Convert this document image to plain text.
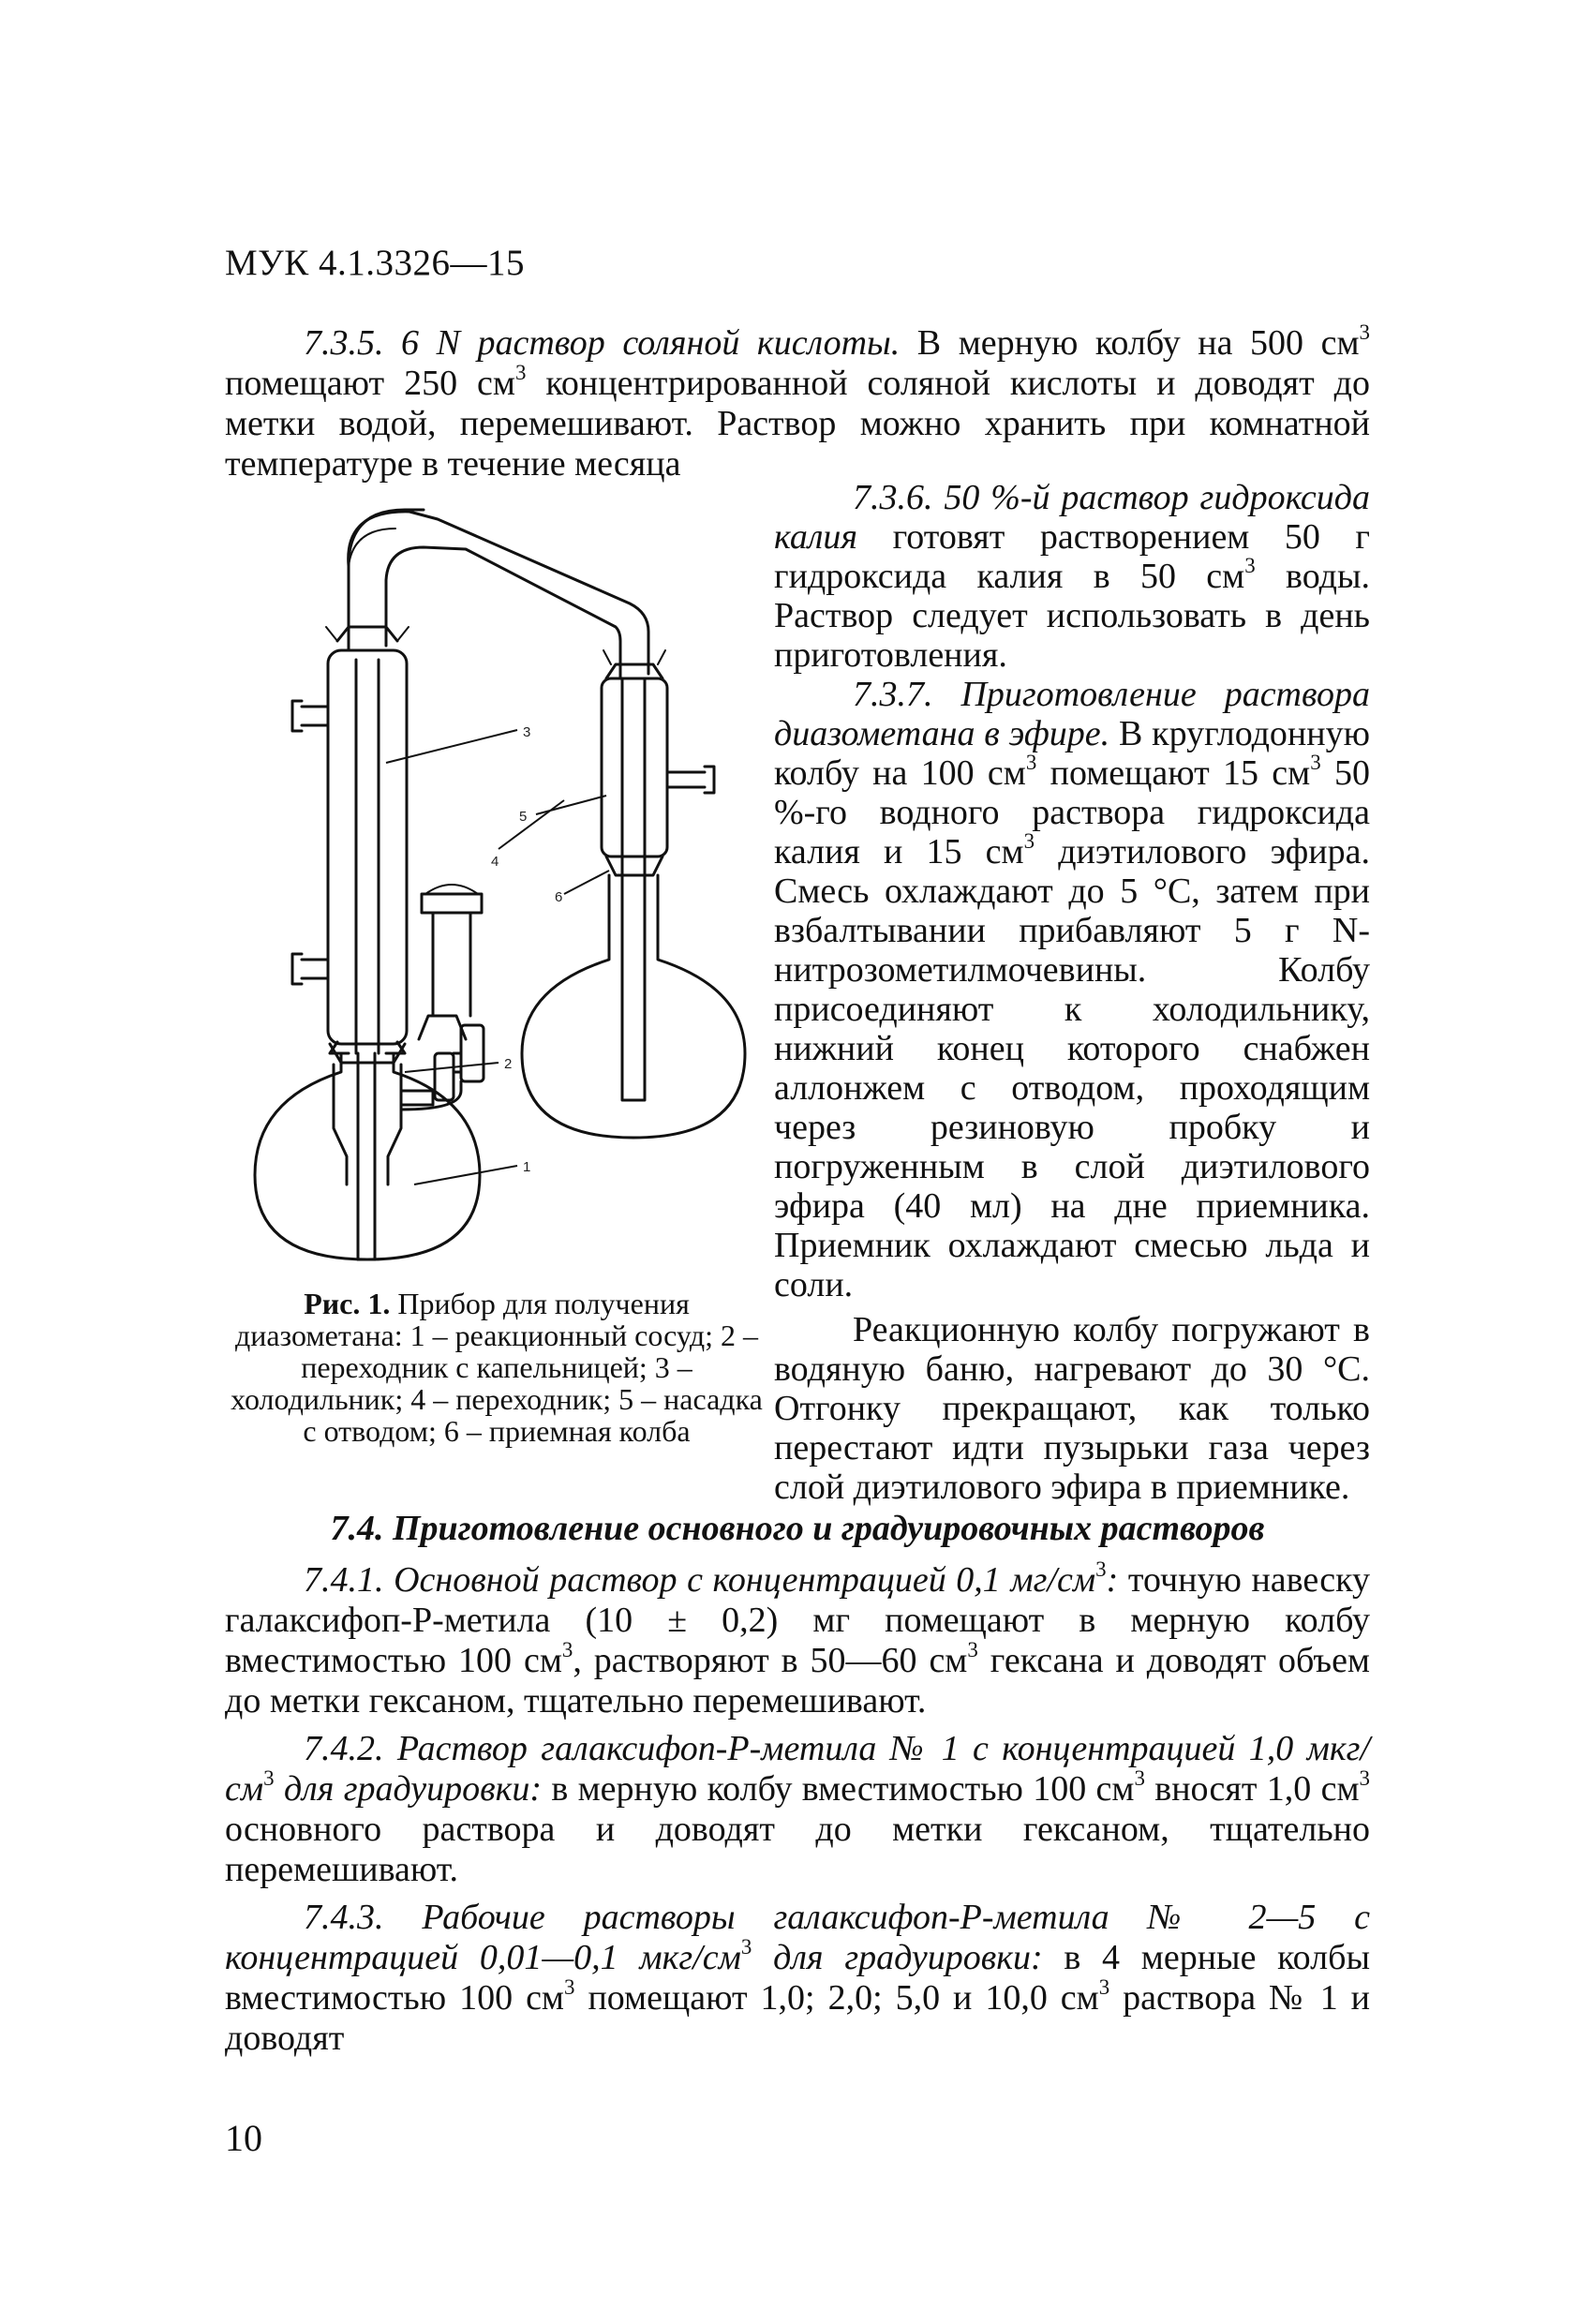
МУК 4.1.3326—15

7.3.5. 6 N раствор соляной кислоты. В мерную колбу на 500 $см^3$ помещают 250 $см^3$ концентрированной соляной кислоты и доводят до метки водой, перемешивают. Раствор можно хранить при комнатной температуре в течение месяца

4
3
5
6
2
1
Рис. 1. Прибор для получения диазометана: 1 – реакционный сосуд; 2 – переходник с капельницей; 3 – холодильник; 4 – переходник; 5 – насадка с отводом; 6 – приемная колба

7.3.6. 50 %-й раствор гидроксида калия готовят растворением 50 г гидроксида калия в 50 $см^3$ воды. Раствор следует использовать в день приготовления.

7.3.7. Приготовление раствора диазометана в эфире. В круглодонную колбу на 100 $см^3$ помещают 15 $см^3$ 50 %-го водного раствора гидроксида калия и 15 $см^3$ диэтилового эфира. Смесь охлаждают до 5 °С, затем при взбалтывании прибавляют 5 г N-нитрозометилмочевины. Колбу присоединяют к холодильнику, нижний конец которого снабжен аллонжем с отводом, проходящим через резиновую пробку и погруженным в слой диэтилового эфира (40 мл) на дне приемника. Приемник охлаждают смесью льда и соли.

Реакционную колбу погружают в водяную баню, нагревают до 30 °С. Отгонку прекращают, как только перестают идти пузырьки газа через слой диэтилового эфира в приемнике.

7.4. Приготовление основного и градуировочных растворов

7.4.1. Основной раствор с концентрацией 0,1 $мг/см^3$: точную навеску галаксифоп-Р-метила (10 ± 0,2) мг помещают в мерную колбу вместимостью 100 $см^3$, растворяют в 50—60 $см^3$ гексана и доводят объем до метки гексаном, тщательно перемешивают.

7.4.2. Раствор галаксифоп-Р-метила № 1 с концентрацией 1,0 мкг/$см^3$ для градуировки: в мерную колбу вместимостью 100 $см^3$ вносят 1,0 $см^3$ основного раствора и доводят до метки гексаном, тщательно перемешивают.

7.4.3. Рабочие растворы галаксифоп-Р-метила № 2—5 с концентрацией 0,01—0,1 мкг/$см^3$ для градуировки: в 4 мерные колбы вместимостью 100 $см^3$ помещают 1,0; 2,0; 5,0 и 10,0 $см^3$ раствора № 1 и доводят

10
